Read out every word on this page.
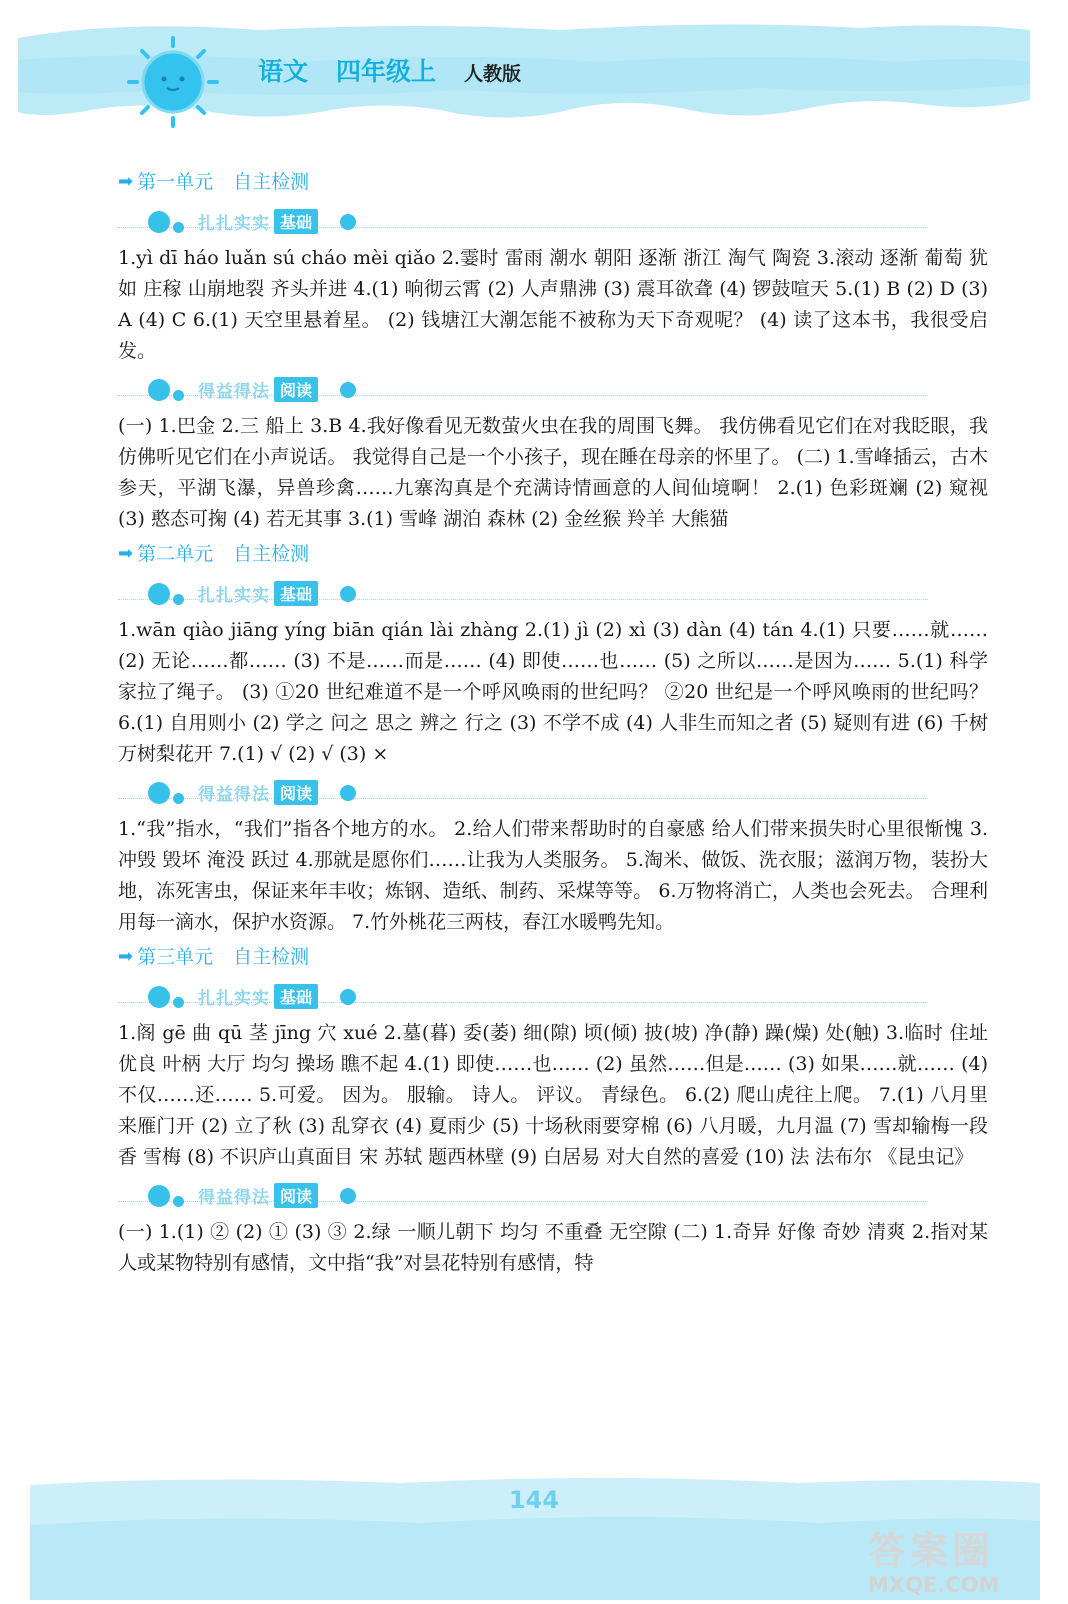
语文 四年级上 人教版
➡ 第一单元 自主检测
扎扎实实 基础

1.yì dī háo luǎn sú cháo mèi qiǎo 2.霎时 雷雨 潮水 朝阳 逐渐 浙江 淘气 陶瓷 3.滚动 逐渐 葡萄 犹如 庄稼 山崩地裂 齐头并进 4.(1) 响彻云霄 (2) 人声鼎沸 (3) 震耳欲聋 (4) 锣鼓喧天 5.(1) B (2) D (3) A (4) C 6.(1) 天空里悬着星。 (2) 钱塘江大潮怎能不被称为天下奇观呢？ (4) 读了这本书，我很受启发。

得益得法 阅读

(一) 1.巴金 2.三 船上 3.B 4.我好像看见无数萤火虫在我的周围飞舞。 我仿佛看见它们在对我眨眼，我仿佛听见它们在小声说话。 我觉得自己是一个小孩子，现在睡在母亲的怀里了。 (二) 1.雪峰插云，古木参天，平湖飞瀑，异兽珍禽……九寨沟真是个充满诗情画意的人间仙境啊！ 2.(1) 色彩斑斓 (2) 窥视 (3) 憨态可掬 (4) 若无其事 3.(1) 雪峰 湖泊 森林 (2) 金丝猴 羚羊 大熊猫

➡ 第二单元 自主检测
扎扎实实 基础

1.wān qiào jiāng yíng biān qián lài zhàng 2.(1) jì (2) xì (3) dàn (4) tán 4.(1) 只要……就…… (2) 无论……都…… (3) 不是……而是…… (4) 即使……也…… (5) 之所以……是因为…… 5.(1) 科学家拉了绳子。 (3) ①20 世纪难道不是一个呼风唤雨的世纪吗？ ②20 世纪是一个呼风唤雨的世纪吗？ 6.(1) 自用则小 (2) 学之 问之 思之 辨之 行之 (3) 不学不成 (4) 人非生而知之者 (5) 疑则有进 (6) 千树万树梨花开 7.(1) √ (2) √ (3) ×

得益得法 阅读

1.“我”指水，“我们”指各个地方的水。 2.给人们带来帮助时的自豪感 给人们带来损失时心里很惭愧 3.冲毁 毁坏 淹没 跃过 4.那就是愿你们……让我为人类服务。 5.淘米、做饭、洗衣服；滋润万物，装扮大地，冻死害虫，保证来年丰收；炼钢、造纸、制药、采煤等等。 6.万物将消亡，人类也会死去。 合理利用每一滴水，保护水资源。 7.竹外桃花三两枝，春江水暖鸭先知。

➡ 第三单元 自主检测
扎扎实实 基础

1.阁 gē 曲 qū 茎 jīng 穴 xué 2.墓(暮) 委(萎) 细(隙) 顷(倾) 披(坡) 净(静) 躁(燥) 处(触) 3.临时 住址 优良 叶柄 大厅 均匀 操场 瞧不起 4.(1) 即使……也…… (2) 虽然……但是…… (3) 如果……就…… (4) 不仅……还…… 5.可爱。 因为。 服输。 诗人。 评议。 青绿色。 6.(2) 爬山虎往上爬。 7.(1) 八月里来雁门开 (2) 立了秋 (3) 乱穿衣 (4) 夏雨少 (5) 十场秋雨要穿棉 (6) 八月暖，九月温 (7) 雪却输梅一段香 雪梅 (8) 不识庐山真面目 宋 苏轼 题西林壁 (9) 白居易 对大自然的喜爱 (10) 法 法布尔 《昆虫记》

得益得法 阅读

(一) 1.(1) ② (2) ① (3) ③ 2.绿 一顺儿朝下 均匀 不重叠 无空隙 (二) 1.奇异 好像 奇妙 清爽 2.指对某人或某物特别有感情，文中指“我”对昙花特别有感情，特

144
答案圈
MXQE.COM
